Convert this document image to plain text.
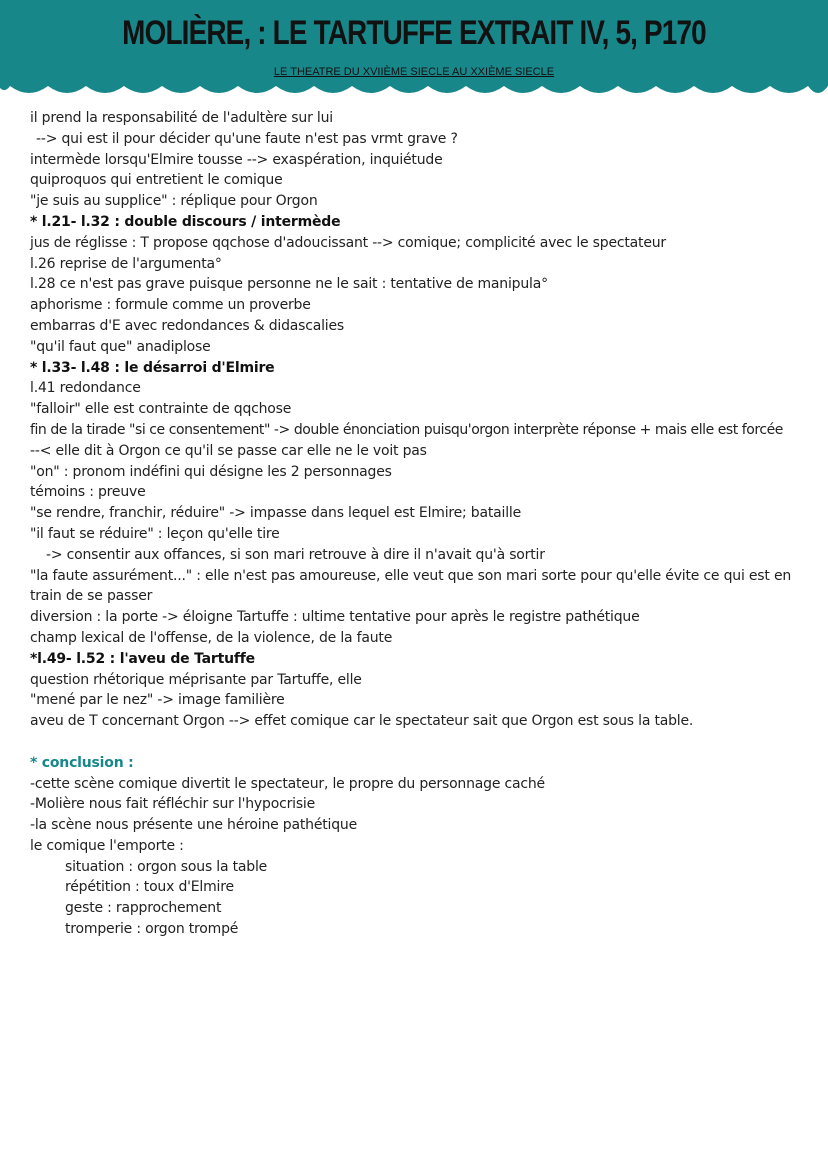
MOLIÈRE, : LE TARTUFFE EXTRAIT IV, 5, P170
LE THEATRE DU XVIIÈME SIECLE AU XXIÈME SIECLE
il prend la responsabilité de l'adultère sur lui
--> qui est il pour décider qu'une faute n'est pas vrmt grave ?
intermède lorsqu'Elmire tousse --> exaspération, inquiétude
quiproquos qui entretient le comique
"je suis au supplice" : réplique pour Orgon
* l.21- l.32 : double discours / intermède
jus de réglisse : T propose qqchose d'adoucissant --> comique; complicité avec le spectateur
l.26 reprise de l'argumenta°
l.28 ce n'est pas grave puisque personne ne le sait : tentative de manipula°
aphorisme : formule comme un proverbe
embarras d'E avec redondances & didascalies
"qu'il faut que" anadiplose
* l.33- l.48 : le désarroi d'Elmire
l.41 redondance
"falloir" elle est contrainte de qqchose
fin de la tirade "si ce consentement" -> double énonciation puisqu'orgon interprète réponse + mais elle est forcée
--< elle dit à Orgon ce qu'il se passe car elle ne le voit pas
"on" : pronom indéfini qui désigne les 2 personnages
témoins : preuve
"se rendre, franchir, réduire" -> impasse dans lequel est Elmire; bataille
"il faut se réduire" : leçon qu'elle tire
-> consentir aux offances, si son mari retrouve à dire il n'avait qu'à sortir
"la faute assurément..." : elle n'est pas amoureuse, elle veut que son mari sorte pour qu'elle évite ce qui est en train de se passer
diversion : la porte -> éloigne Tartuffe : ultime tentative pour après le registre pathétique
champ lexical de l'offense, de la violence, de la faute
*l.49- l.52 : l'aveu de Tartuffe
question rhétorique méprisante par Tartuffe, elle
"mené par le nez" -> image familière
aveu de T concernant Orgon --> effet comique car le spectateur sait que Orgon est sous la table.
* conclusion :
-cette scène comique divertit le spectateur, le propre du personnage caché
-Molière nous fait réfléchir sur l'hypocrisie
-la scène nous présente une héroine pathétique
le comique l'emporte :
situation : orgon sous la table
répétition : toux d'Elmire
geste : rapprochement
tromperie : orgon trompé
